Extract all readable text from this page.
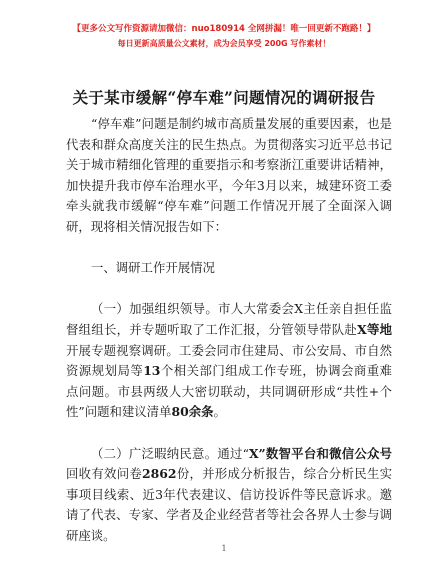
【更多公文写作资源请加微信：nuo180914 全网拼漏！唯一回更新不跑路！】
每日更新高质量公文素材，成为会员享受 200G 写作素材！
关于某市缓解“停车难”问题情况的调研报告

“停车难”问题是制约城市高质量发展的重要因素，也是代表和群众高度关注的民生热点。为贯彻落实习近平总书记关于城市精细化管理的重要指示和考察浙江重要讲话精神，加快提升我市停车治理水平，今年3月以来，城建环资工委牵头就我市缓解“停车难”问题工作情况开展了全面深入调研，现将相关情况报告如下：

一、调研工作开展情况

（一）加强组织领导。市人大常委会X主任亲自担任监督组组长，并专题听取了工作汇报，分管领导带队赴X等地开展专题视察调研。工委会同市住建局、市公安局、市自然资源规划局等13个相关部门组成工作专班，协调会商重难点问题。市县两级人大密切联动，共同调研形成“共性+个性”问题和建议清单80余条。

（二）广泛暇纳民意。通过“X”数智平台和微信公众号回收有效问卷2862份，并形成分析报告，综合分析民生实事项目线索、近3年代表建议、信访投诉件等民意诉求。邀请了代表、专家、学者及企业经营者等社会各界人士参与调研座谈。

1
